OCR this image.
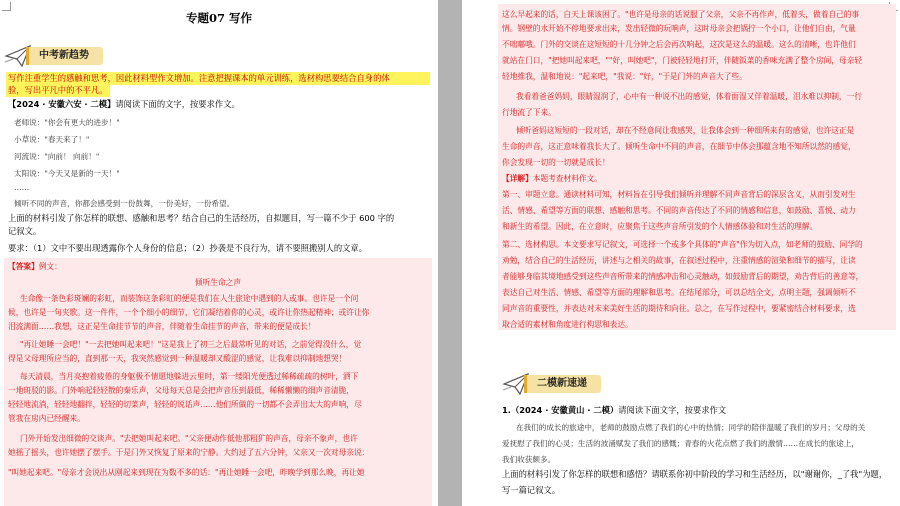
专题07 写作
中考新趋势
写作注重学生的感触和思考，因此材料型作文增加。注意把握课本的单元训练，选材构思要结合自身的体
验，写出平凡中的不平凡。
【2024 · 安徽六安 · 二模】请阅读下面的文字，按要求作文。
老师说："你会有更大的进步！"
小草说："春天来了！"
河流说："向前！ 向前！"
太阳说："今天又是新的一天！"
……
倾听不同的声音，你都会感受到一份鼓舞，一份美好，一份希望。
上面的材料引发了你怎样的联想、感触和思考？结合自己的生活经历，自拟题目，写一篇不少于 600 字的
记叙文。
要求：（1）文中不要出现透露你个人身份的信息；（2）抄袭是不良行为，请不要照搬别人的文章。
【答案】例文：
倾听生命之声
生命像一条色彩斑斓的彩虹，而装饰这条彩虹的便是我们在人生旅途中遇到的人或事。也许是一个问
候，也许是一句夹歌。这一件件，一个个细小的细节，它们凝结着你的心灵，或许让你热起精神；或许让你
泪流满面……我想，这正是生命挂节节的声音，伴随着生命挂节的声音，带来的便是成长！
"再让她睡一会吧！"一去把她叫起来吧！"这是我上了初三之后最常听见的对话，之前觉得没什么，觉
得是父母理所应当的，直到那一天，我突然感觉到一种温暖却又酸涩的感觉，让我难以抑制地想哭！
每天清晨，当月亮抱着疲倦的身躯极不情愿地躲进云里时，第一缕阳光便透过稀稀疏疏的树叶，洒下
一地斑驳的影。门外响起轻轻散的秦乐声，父母每天总是会把声音压到最低，稀稀懒懒的细声音清脆，
轻轻地流淌，轻轻地翻拌，轻轻的切菜声，轻轻的说话声……他们所做的一切都不会弄出太大的声响，尽
管我在房内已经醒来。
门外开始发出细微的交谈声。"去把她叫起来吧。"父亲便动作低他那粗犷的声音，母亲不象声，也许
她摇了摇头，也许她摆了摆手。于是门外又恢复了原来的宁静。大约过了五六分钟，父亲又一次对母亲说：
"叫她起来吧。"母亲才会说出从刚起来到现在为数不多的话："再让她睡一会吧，昨晚学到那么晚，再让她
这么早起来的话，白天上课该困了。"也许是母亲的话说服了父亲，父亲不再作声，低着头，做着自己的事
情。钢壁的水开始不停地要求出来，发出轻微的玩响声，这时母亲会把锅拧一个小口，让他们自由，气量
不咄嘟哦。门外的交谈在这短短的十几分钟之后会再次响起，这次是这么的温暖。这么的清晰，也许他们
就站在门口，"把她叫起来吧，""好，叫她吧"，门被轻轻地打开，伴随饭菜的香味充满了整个房间，母亲轻
轻地推我，温和地说："起来吧，"我说："好，"于是门外的声音大了些。
我看着爸爸妈妈，眼睛湿润了，心中有一种说不出的感觉，体着面湿又伴着温暖，泪水难以抑制，一行
行地流了下来。
倾听爸妈这短短的一段对话，却在不经意间让我感哭，让我体会到一种细所来有的感觉，也许这正是
生命的声音，这正意味着我长大了。倾听生命中不同的声音，在细节中体会那蕴含地不知所以然的感觉，
你会发现一切的一切就是成长！
【详解】本题考查材料作文。
第一、审题立意。通读材料可知，材料旨在引导我们倾听并理解不同声音背后的深层含义，从而引发对生
活、情感、希望等方面的联想、感触和思考。不同的声音传达了不同的情感和信息，如鼓励、喜悦、动力
和新生的希望。因此，在立意时，应聚焦于这些声音所引发的个人情感体验和对生活的理解。
第二、选材构思。本文要求写记叙文，可选择一个或多个具体的"声音"作为切入点，如老师的鼓励、同学的
劝勉，结合自己的生活经历，讲述与之相关的故事，在叙述过程中，注重情感的渲染和细节的描写，让读
者能够身临其境地感受到这些声音所带来的情感冲击和心灵触动，如鼓励背后的期望，劝告背后的善意等，
表达自己对生活、情感、希望等方面的理解和思考。在结尾部分，可以总结全文，点明主题，强调倾听不
同声音的重要性，并表达对未来美好生活的期待和向往。总之，在写作过程中，要紧密结合材料要求，选
取合适的素材和角度进行构思和表达。
二模新速递
1.（2024 · 安徽黄山 · 二模）请阅读下面文字，按要求作文
在我们的成长的旅途中，老师的鼓励点燃了我们的心中的热情；同学的陪伴温暖了我们的岁月；父母的关
爱抚慰了我们的心灵；生活的波涌赋发了我们的感慨；青春的火花点燃了我们的激情……在成长的旅途上，
我们收获颇多。
上面的材料引发了你怎样的联想和感悟？请联系你初中阶段的学习和生活经历，以"谢谢你，_了我"为题，
写一篇记叙文。
